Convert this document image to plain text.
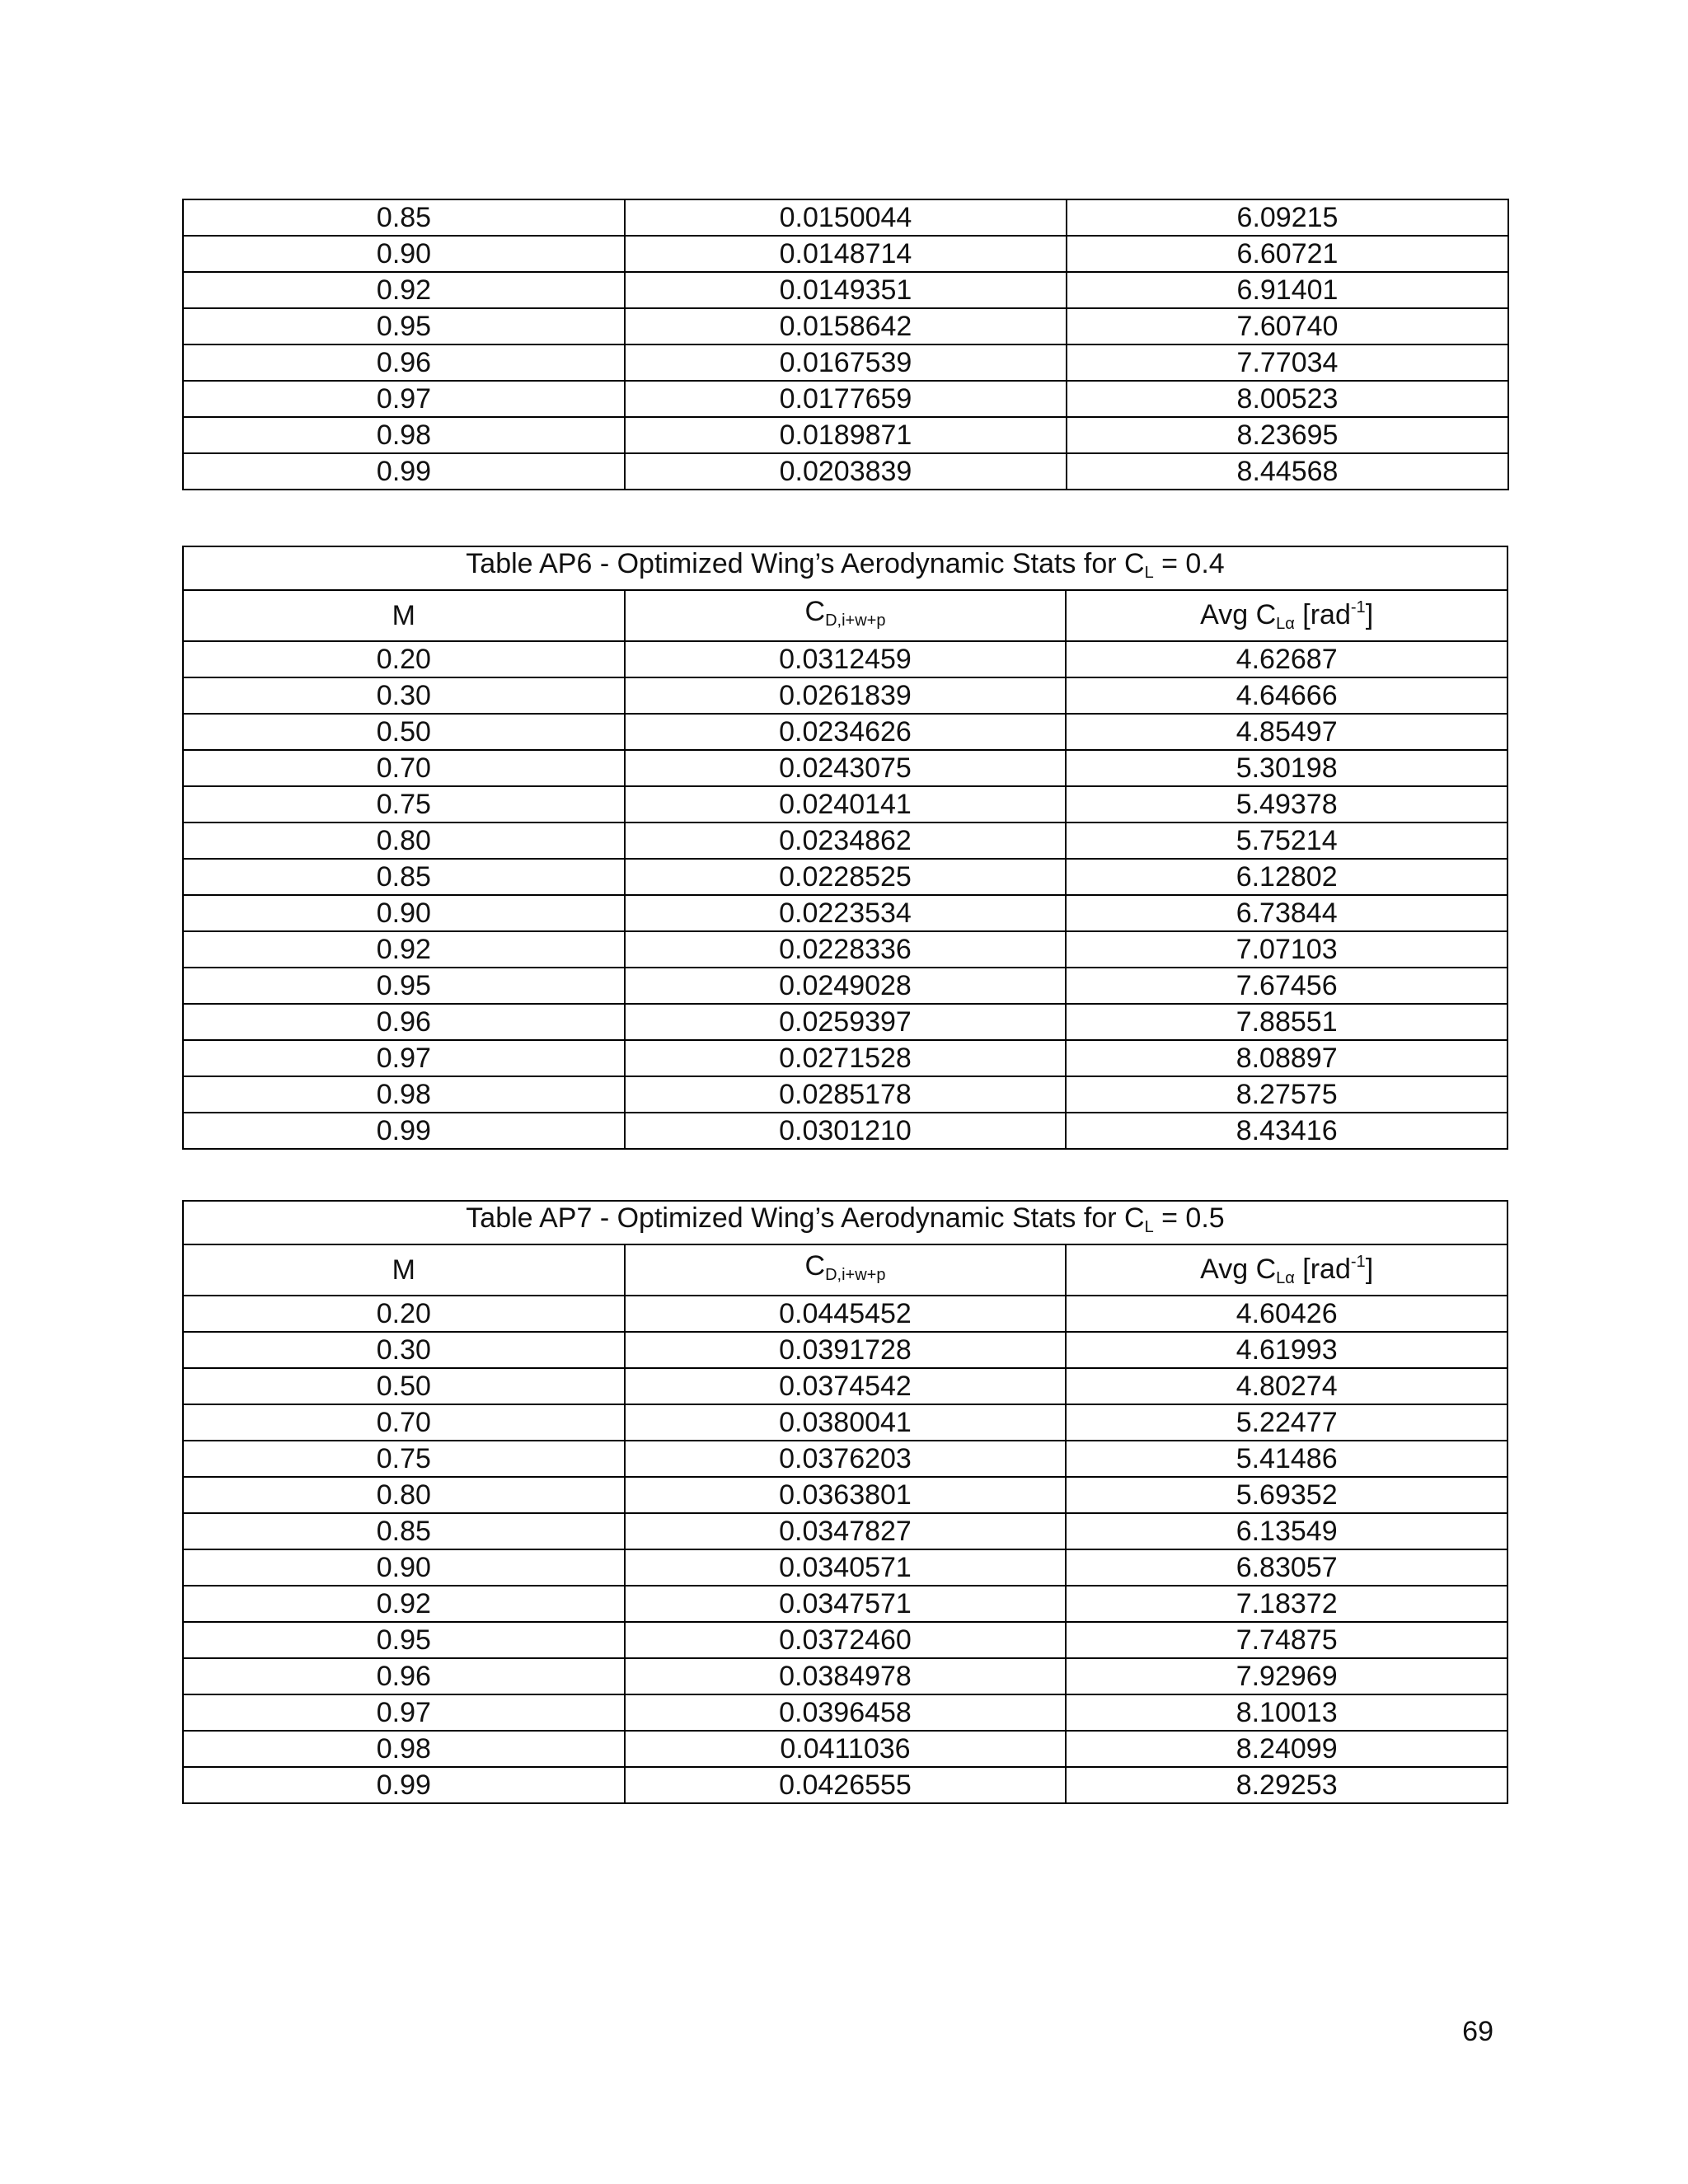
0.85	0.0150044	6.09215
0.90	0.0148714	6.60721
0.92	0.0149351	6.91401
0.95	0.0158642	7.60740
0.96	0.0167539	7.77034
0.97	0.0177659	8.00523
0.98	0.0189871	8.23695
0.99	0.0203839	8.44568
Table AP6 - Optimized Wing’s Aerodynamic Stats for $C_L = 0.4$		
M	$C_{D,i+w+p}$	Avg $C_{L\alpha}$ [rad$^{-1}$]
0.20	0.0312459	4.62687
0.30	0.0261839	4.64666
0.50	0.0234626	4.85497
0.70	0.0243075	5.30198
0.75	0.0240141	5.49378
0.80	0.0234862	5.75214
0.85	0.0228525	6.12802
0.90	0.0223534	6.73844
0.92	0.0228336	7.07103
0.95	0.0249028	7.67456
0.96	0.0259397	7.88551
0.97	0.0271528	8.08897
0.98	0.0285178	8.27575
0.99	0.0301210	8.43416
Table AP7 - Optimized Wing’s Aerodynamic Stats for $C_L = 0.5$		
M	$C_{D,i+w+p}$	Avg $C_{L\alpha}$ [rad$^{-1}$]
0.20	0.0445452	4.60426
0.30	0.0391728	4.61993
0.50	0.0374542	4.80274
0.70	0.0380041	5.22477
0.75	0.0376203	5.41486
0.80	0.0363801	5.69352
0.85	0.0347827	6.13549
0.90	0.0340571	6.83057
0.92	0.0347571	7.18372
0.95	0.0372460	7.74875
0.96	0.0384978	7.92969
0.97	0.0396458	8.10013
0.98	0.0411036	8.24099
0.99	0.0426555	8.29253
69
